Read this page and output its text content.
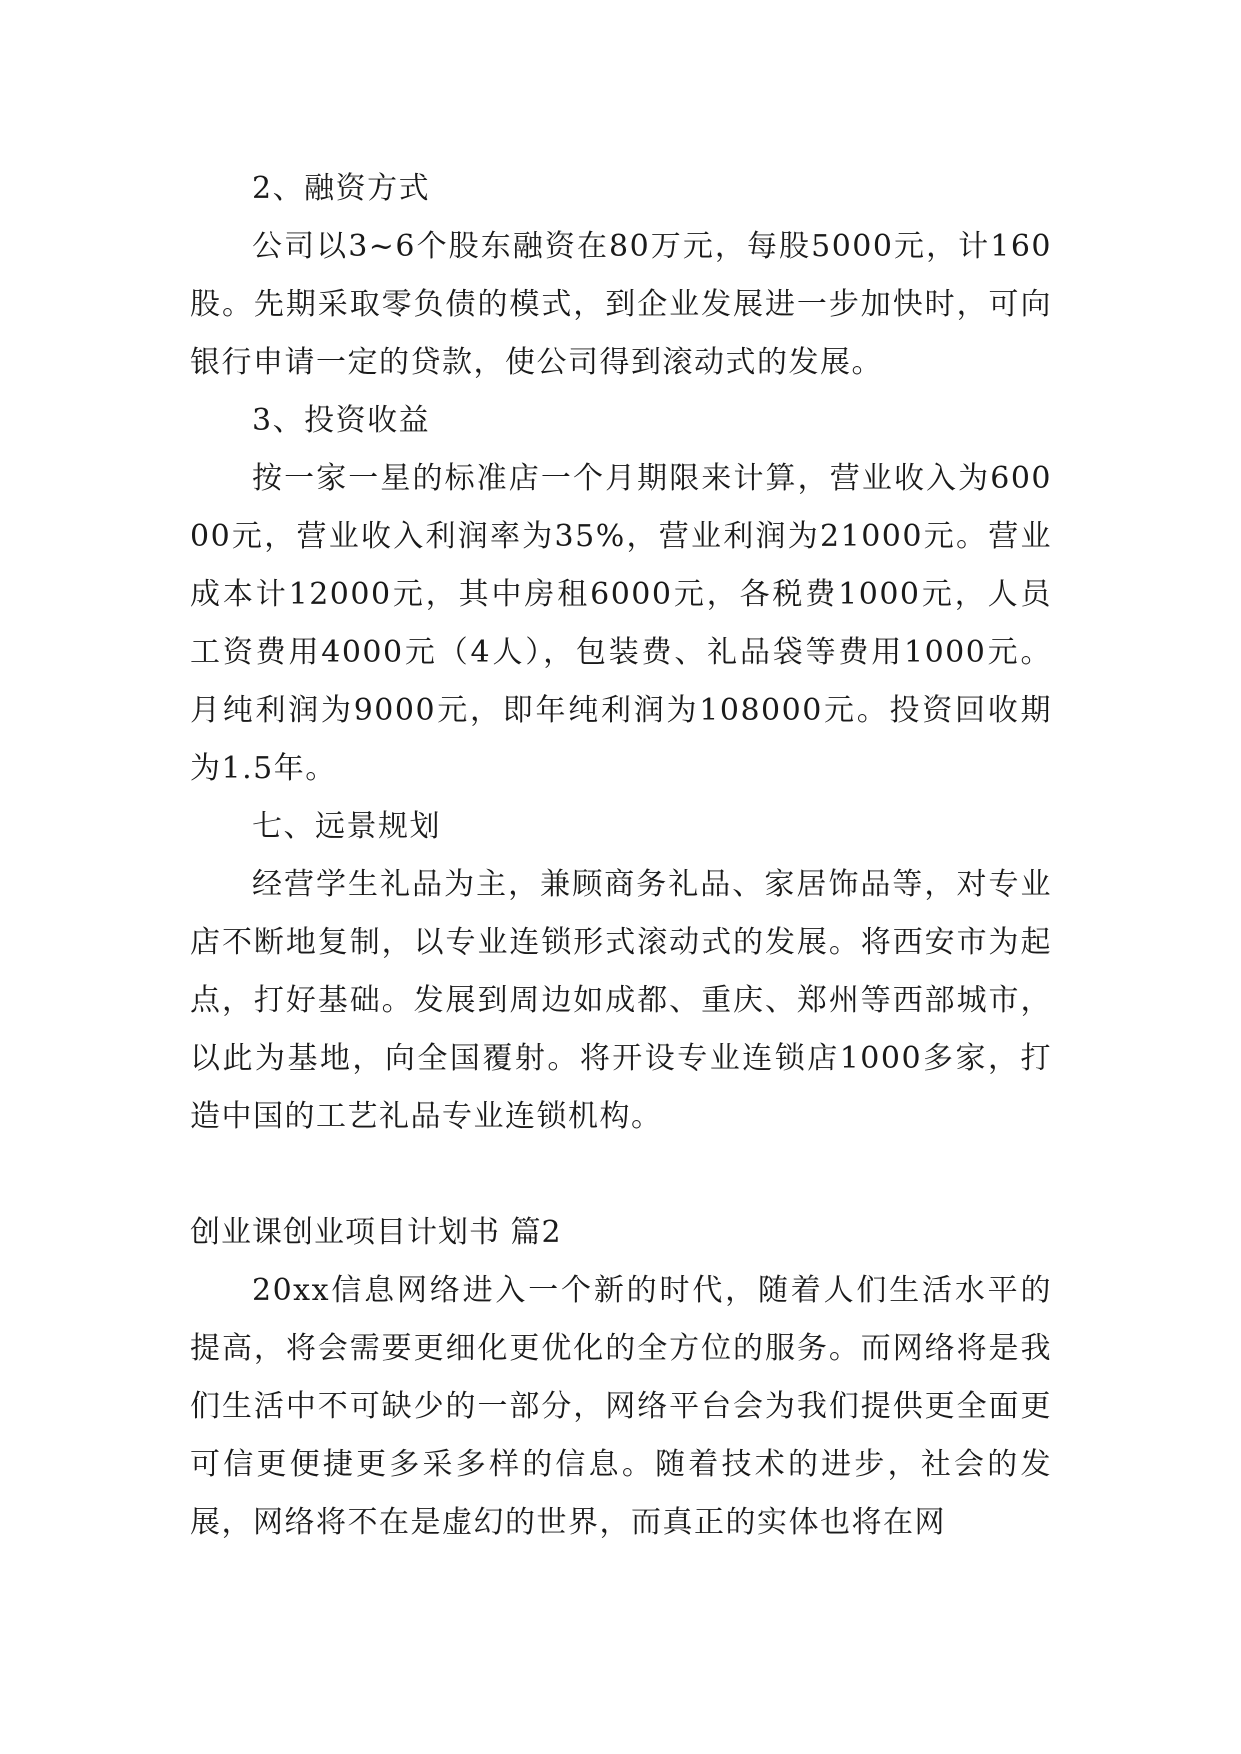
2、融资方式

公司以3~6个股东融资在80万元，每股5000元，计160股。先期采取零负债的模式，到企业发展进一步加快时，可向银行申请一定的贷款，使公司得到滚动式的发展。

3、投资收益

按一家一星的标准店一个月期限来计算，营业收入为60000元，营业收入利润率为35%，营业利润为21000元。营业成本计12000元，其中房租6000元，各税费1000元，人员工资费用4000元（4人），包装费、礼品袋等费用1000元。月纯利润为9000元，即年纯利润为108000元。投资回收期为1.5年。

七、远景规划

经营学生礼品为主，兼顾商务礼品、家居饰品等，对专业店不断地复制，以专业连锁形式滚动式的发展。将西安市为起点，打好基础。发展到周边如成都、重庆、郑州等西部城市，以此为基地，向全国覆射。将开设专业连锁店1000多家，打造中国的工艺礼品专业连锁机构。

创业课创业项目计划书 篇2

20xx信息网络进入一个新的时代，随着人们生活水平的提高，将会需要更细化更优化的全方位的服务。而网络将是我们生活中不可缺少的一部分，网络平台会为我们提供更全面更可信更便捷更多采多样的信息。随着技术的进步，社会的发展，网络将不在是虚幻的世界，而真正的实体也将在网
